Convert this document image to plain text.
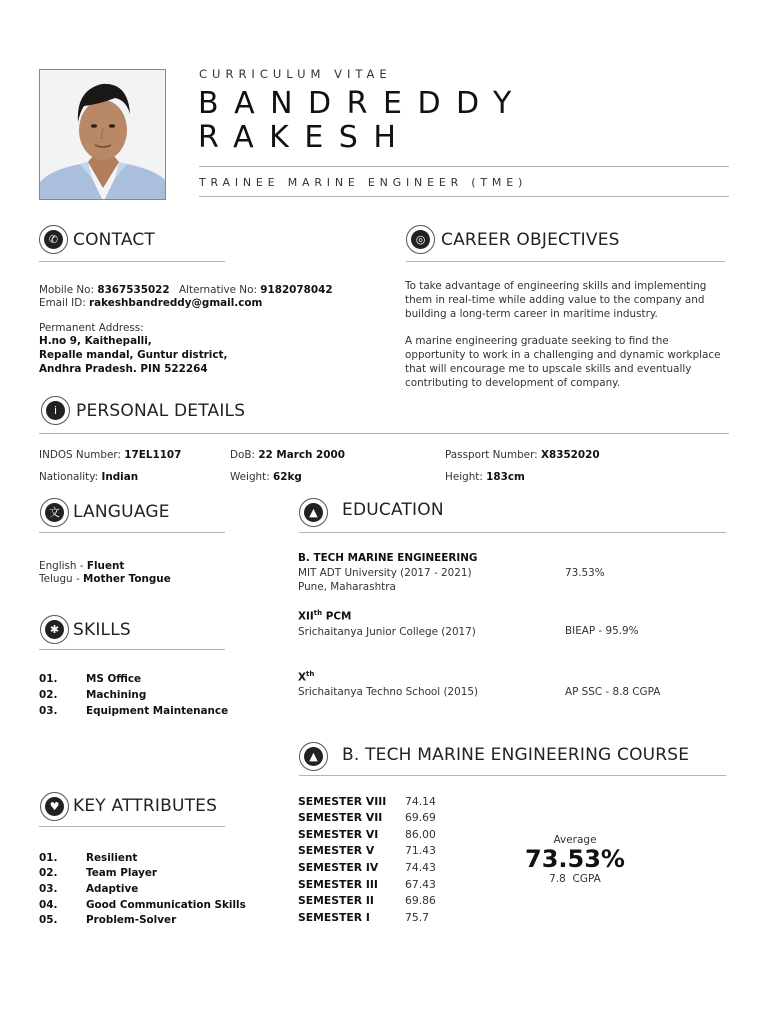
CURRICULUM VITAE
BANDREDDY
RAKESH
TRAINEE MARINE ENGINEER (TME)
✆ CONTACT
Mobile No: 8367535022 Alternative No: 9182078042
Email ID: rakeshbandreddy@gmail.com
Permanent Address:
H.no 9, Kaithepalli,
Repalle mandal, Guntur district,
Andhra Pradesh. PIN 522264
◎ CAREER OBJECTIVES
To take advantage of engineering skills and implementing them in real-time while adding value to the company and building a long-term career in maritime industry.
A marine engineering graduate seeking to find the opportunity to work in a challenging and dynamic workplace that will encourage me to upscale skills and eventually contributing to development of company.
i	PERSONAL DETAILS
INDOS Number: 17EL1107	DoB: 22 March 2000	Passport Number: X8352020
Nationality: Indian	Weight: 62kg	Height: 183cm
文 LANGUAGE
English - Fluent
Telugu - Mother Tongue
✱ SKILLS
01.	MS Office
02.	Machining
03.	Equipment Maintenance
♥ KEY ATTRIBUTES
01.	Resilient
02.	Team Player
03.	Adaptive
04.	Good Communication Skills
05.	Problem-Solver
▲	EDUCATION
B. TECH MARINE ENGINEERING
MIT ADT University (2017 - 2021)
Pune, Maharashtra
73.53%
XIIth PCM
Srichaitanya Junior College (2017)	BIEAP - 95.9%
Xth
Srichaitanya Techno School (2015)	AP SSC - 8.8 CGPA
▲	B. TECH MARINE ENGINEERING COURSE
SEMESTER VIII 74.14
SEMESTER VII 69.69
SEMESTER VI 86.00
SEMESTER V	71.43
SEMESTER IV 74.43
SEMESTER III	67.43
SEMESTER II	69.86
SEMESTER I	75.7
Average
73.53%
7.8 CGPA
